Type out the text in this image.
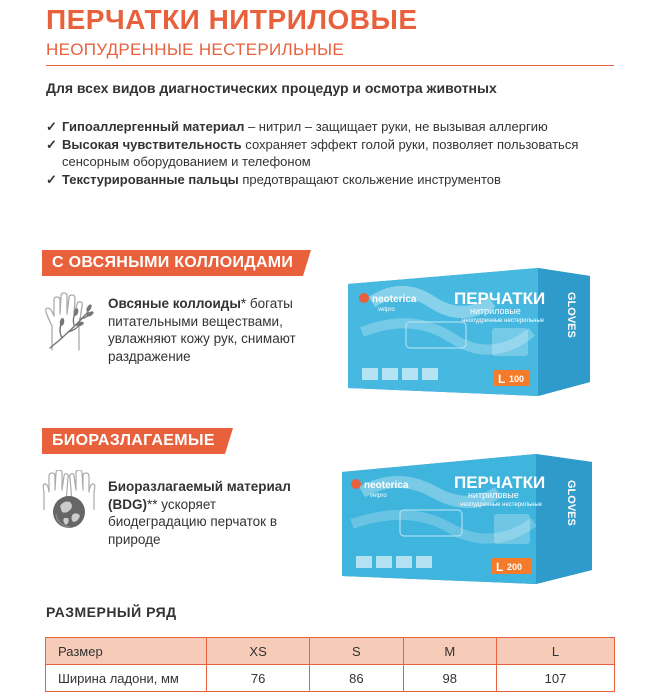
ПЕРЧАТКИ НИТРИЛОВЫЕ
НЕОПУДРЕННЫЕ НЕСТЕРИЛЬНЫЕ
Для всех видов диагностических процедур и осмотра животных
✓ Гипоаллергенный материал – нитрил – защищает руки, не вызывая аллергию
✓ Высокая чувствительность сохраняет эффект голой руки, позволяет пользоваться сенсорным оборудованием и телефоном
✓ Текстурированные пальцы предотвращают скольжение инструментов
С ОВСЯНЫМИ КОЛЛОИДАМИ
Овсяные коллоиды* богаты питательными веществами, увлажняют кожу рук, снимают раздражение
neoterica
vetpro
ПЕРЧАТКИ
нитриловые
неопудренные нестерильные
L 100
GLOVES
БИОРАЗЛАГАЕМЫЕ
Биоразлагаемый материал (BDG)** ускоряет биодеградацию перчаток в природе
neoterica
vetpro
ПЕРЧАТКИ
нитриловые
неопудренные нестерильные
L 200
GLOVES
РАЗМЕРНЫЙ РЯД
Размер	XS	S	M	L
Ширина ладони, мм	76	86	98	107
